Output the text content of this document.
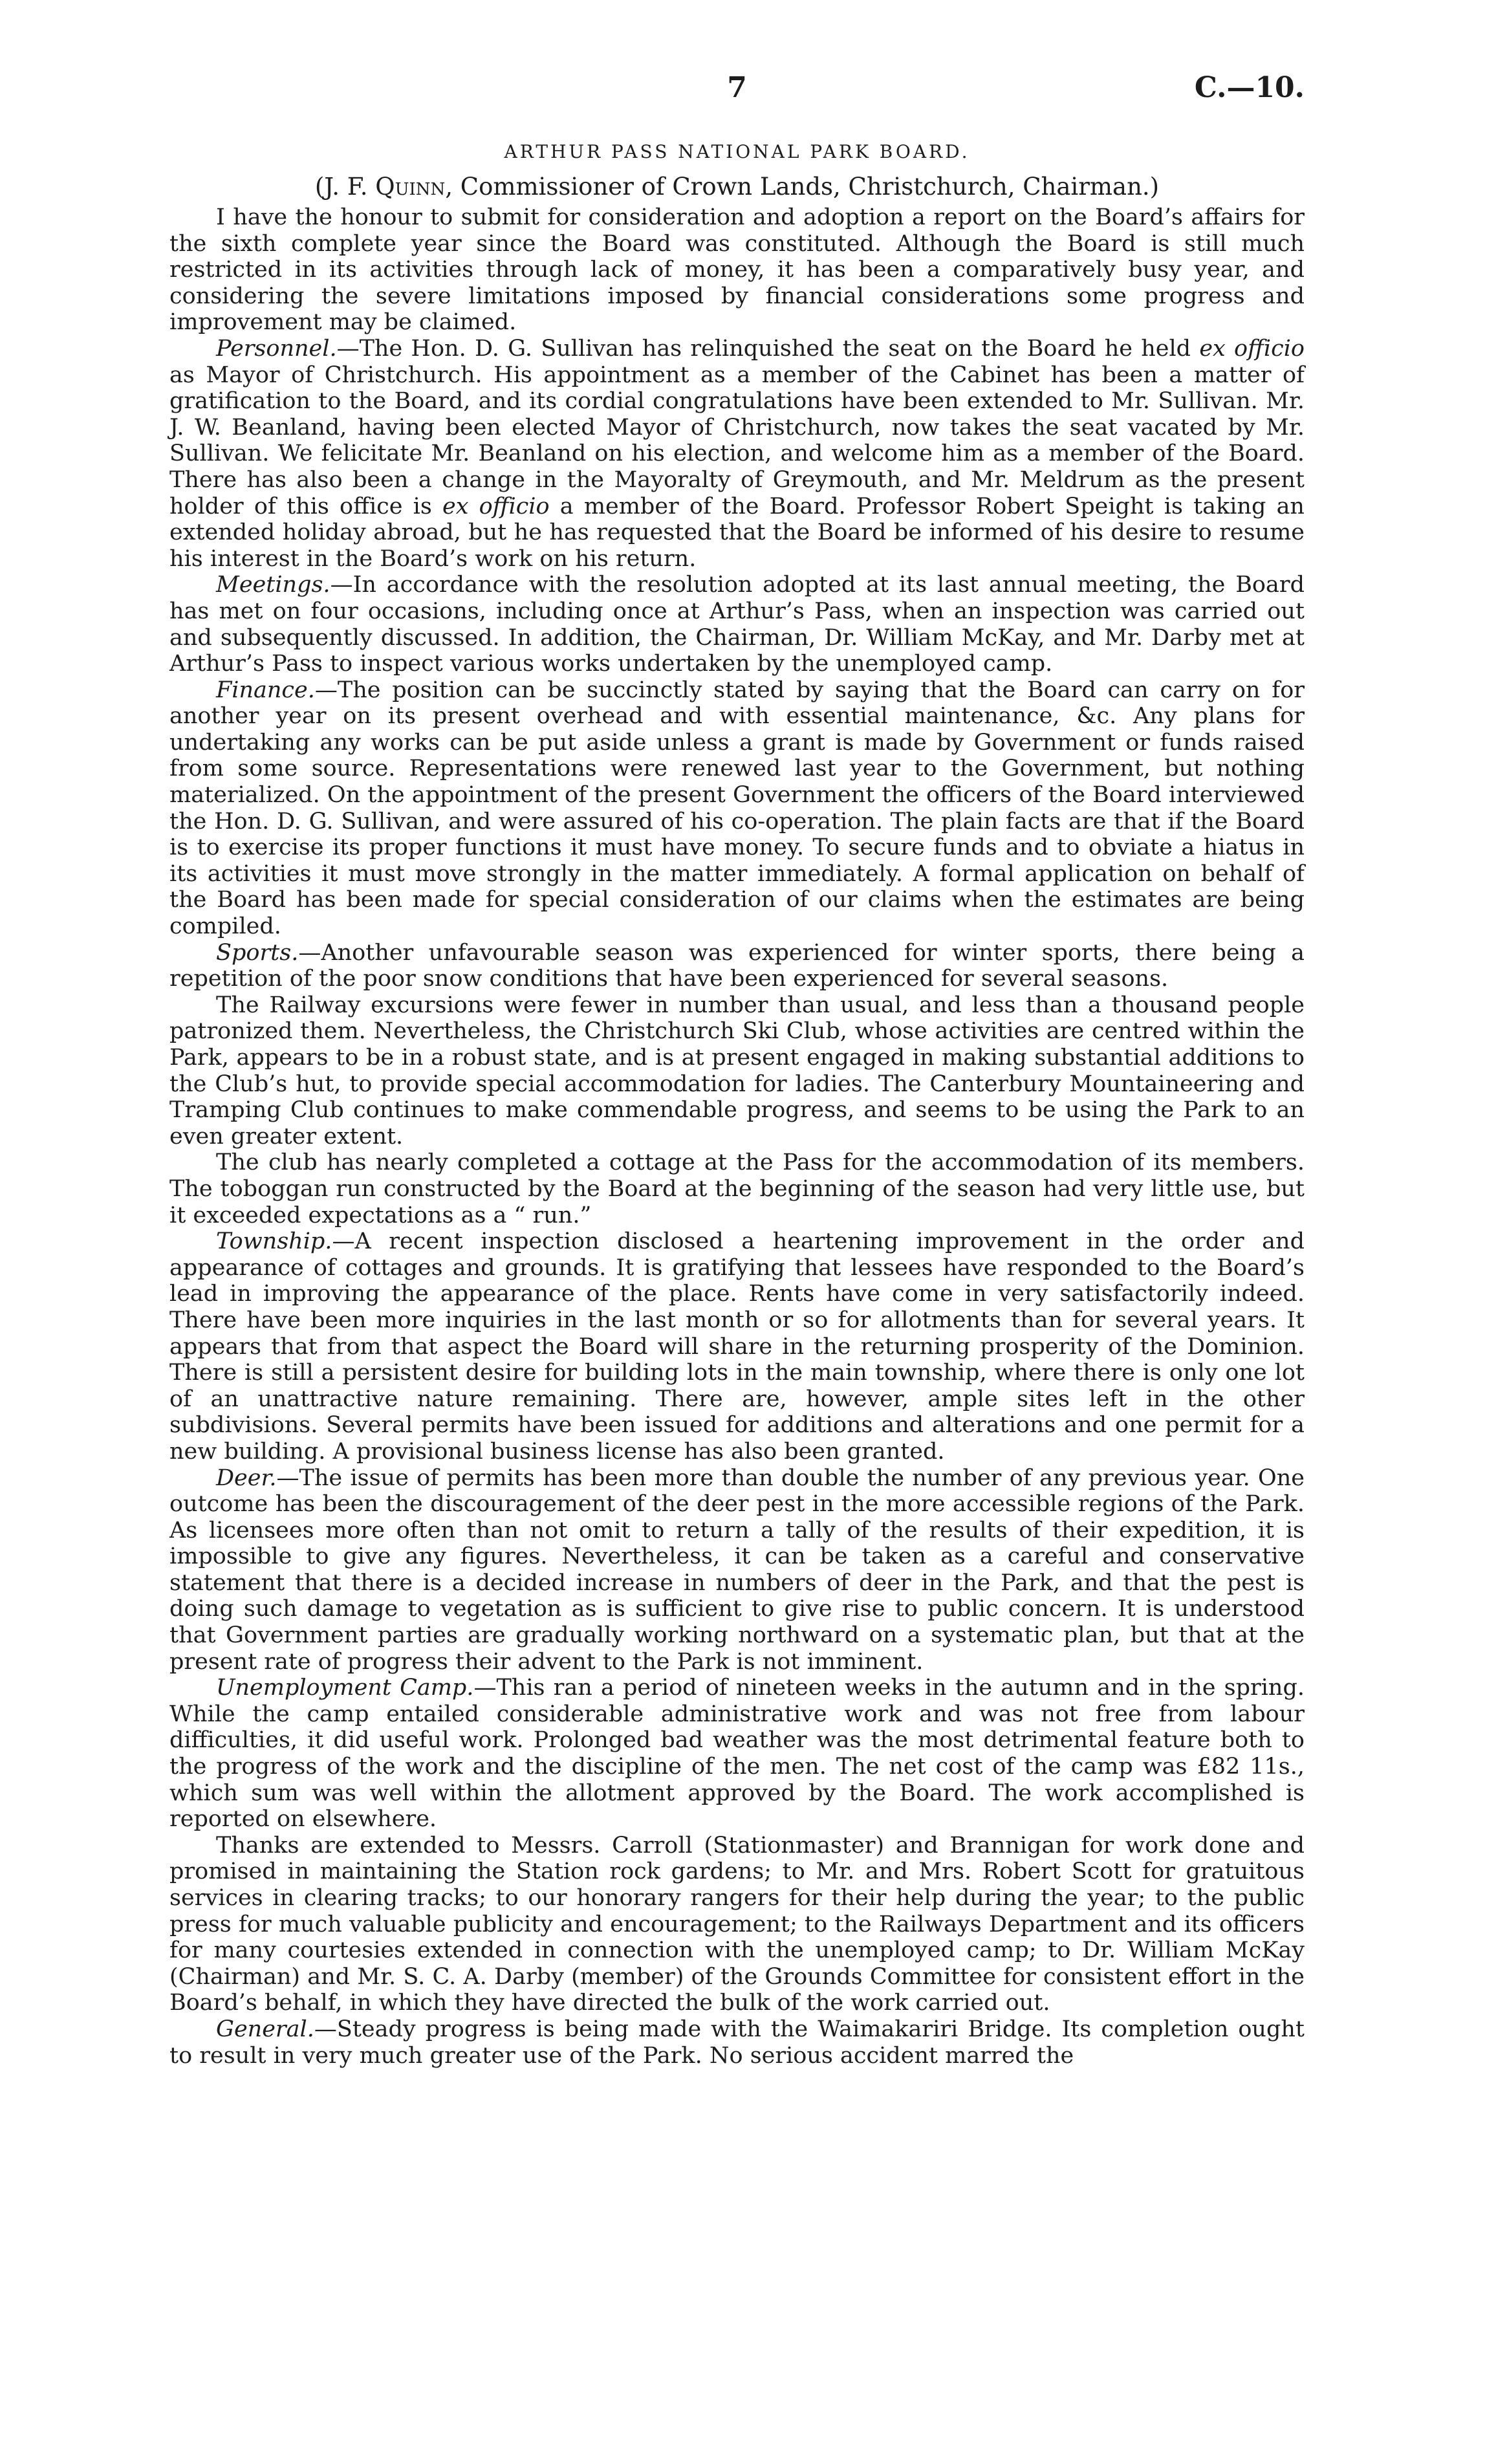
7	C.—10.
ARTHUR PASS NATIONAL PARK BOARD.
(J. F. Quinn, Commissioner of Crown Lands, Christchurch, Chairman.)

I have the honour to submit for consideration and adoption a report on the Board’s affairs for the sixth complete year since the Board was constituted. Although the Board is still much restricted in its activities through lack of money, it has been a comparatively busy year, and considering the severe limitations imposed by financial considerations some progress and improvement may be claimed.

Personnel.—The Hon. D. G. Sullivan has relinquished the seat on the Board he held ex officio as Mayor of Christchurch. His appointment as a member of the Cabinet has been a matter of gratification to the Board, and its cordial congratulations have been extended to Mr. Sullivan. Mr. J. W. Beanland, having been elected Mayor of Christchurch, now takes the seat vacated by Mr. Sullivan. We felicitate Mr. Beanland on his election, and welcome him as a member of the Board. There has also been a change in the Mayoralty of Greymouth, and Mr. Meldrum as the present holder of this office is ex officio a member of the Board. Professor Robert Speight is taking an extended holiday abroad, but he has requested that the Board be informed of his desire to resume his interest in the Board’s work on his return.

Meetings.—In accordance with the resolution adopted at its last annual meeting, the Board has met on four occasions, including once at Arthur’s Pass, when an inspection was carried out and subsequently discussed. In addition, the Chairman, Dr. William McKay, and Mr. Darby met at Arthur’s Pass to inspect various works undertaken by the unemployed camp.

Finance.—The position can be succinctly stated by saying that the Board can carry on for another year on its present overhead and with essential maintenance, &c. Any plans for undertaking any works can be put aside unless a grant is made by Government or funds raised from some source. Representations were renewed last year to the Government, but nothing materialized. On the appointment of the present Government the officers of the Board interviewed the Hon. D. G. Sullivan, and were assured of his co-operation. The plain facts are that if the Board is to exercise its proper functions it must have money. To secure funds and to obviate a hiatus in its activities it must move strongly in the matter immediately. A formal application on behalf of the Board has been made for special consideration of our claims when the estimates are being compiled.

Sports.—Another unfavourable season was experienced for winter sports, there being a repetition of the poor snow conditions that have been experienced for several seasons.

The Railway excursions were fewer in number than usual, and less than a thousand people patronized them. Nevertheless, the Christchurch Ski Club, whose activities are centred within the Park, appears to be in a robust state, and is at present engaged in making substantial additions to the Club’s hut, to provide special accommodation for ladies. The Canterbury Mountaineering and Tramping Club continues to make commendable progress, and seems to be using the Park to an even greater extent.

The club has nearly completed a cottage at the Pass for the accommodation of its members. The toboggan run constructed by the Board at the beginning of the season had very little use, but it exceeded expectations as a “ run.”

Township.—A recent inspection disclosed a heartening improvement in the order and appearance of cottages and grounds. It is gratifying that lessees have responded to the Board’s lead in improving the appearance of the place. Rents have come in very satisfactorily indeed. There have been more inquiries in the last month or so for allotments than for several years. It appears that from that aspect the Board will share in the returning prosperity of the Dominion. There is still a persistent desire for building lots in the main township, where there is only one lot of an unattractive nature remaining. There are, however, ample sites left in the other subdivisions. Several permits have been issued for additions and alterations and one permit for a new building. A provisional business license has also been granted.

Deer.—The issue of permits has been more than double the number of any previous year. One outcome has been the discouragement of the deer pest in the more accessible regions of the Park. As licensees more often than not omit to return a tally of the results of their expedition, it is impossible to give any figures. Nevertheless, it can be taken as a careful and conservative statement that there is a decided increase in numbers of deer in the Park, and that the pest is doing such damage to vegetation as is sufficient to give rise to public concern. It is understood that Government parties are gradually working northward on a systematic plan, but that at the present rate of progress their advent to the Park is not imminent.

Unemployment Camp.—This ran a period of nineteen weeks in the autumn and in the spring. While the camp entailed considerable administrative work and was not free from labour difficulties, it did useful work. Prolonged bad weather was the most detrimental feature both to the progress of the work and the discipline of the men. The net cost of the camp was £82 11s., which sum was well within the allotment approved by the Board. The work accomplished is reported on elsewhere.

Thanks are extended to Messrs. Carroll (Stationmaster) and Brannigan for work done and promised in maintaining the Station rock gardens; to Mr. and Mrs. Robert Scott for gratuitous services in clearing tracks; to our honorary rangers for their help during the year; to the public press for much valuable publicity and encouragement; to the Railways Department and its officers for many courtesies extended in connection with the unemployed camp; to Dr. William McKay (Chairman) and Mr. S. C. A. Darby (member) of the Grounds Committee for consistent effort in the Board’s behalf, in which they have directed the bulk of the work carried out.

General.—Steady progress is being made with the Waimakariri Bridge. Its completion ought to result in very much greater use of the Park. No serious accident marred the
